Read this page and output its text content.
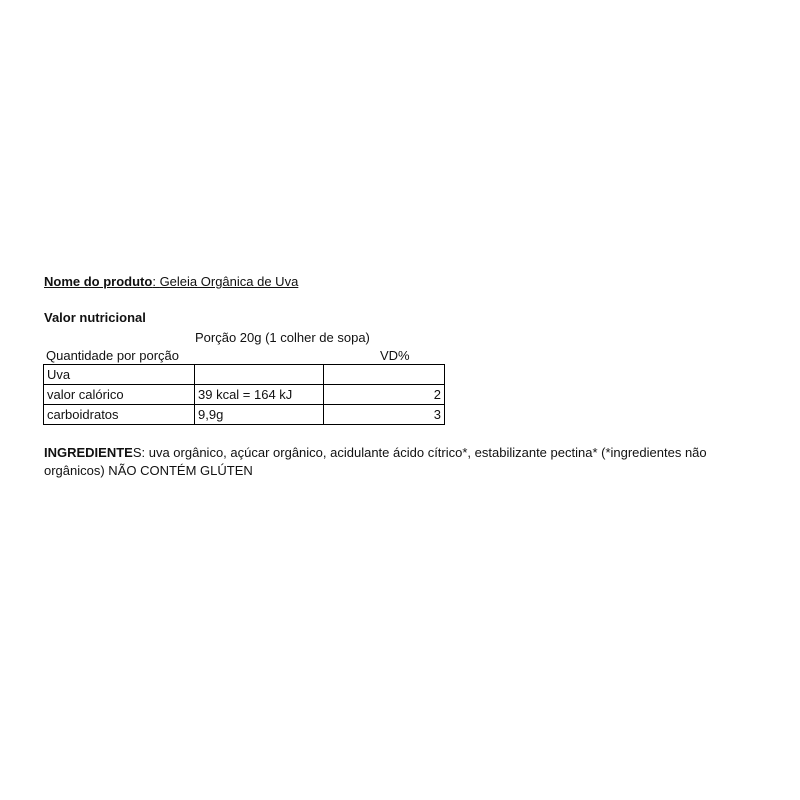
Nome do produto: Geleia Orgânica de Uva
Valor nutricional
Porção 20g (1 colher de sopa)
Quantidade por porção	VD%
Uva		
valor calórico	39 kcal = 164 kJ	2
carboidratos	9,9g	3
INGREDIENTES: uva orgânico, açúcar orgânico, acidulante ácido cítrico*, estabilizante pectina* (*ingredientes não orgânicos) NÃO CONTÉM GLÚTEN
